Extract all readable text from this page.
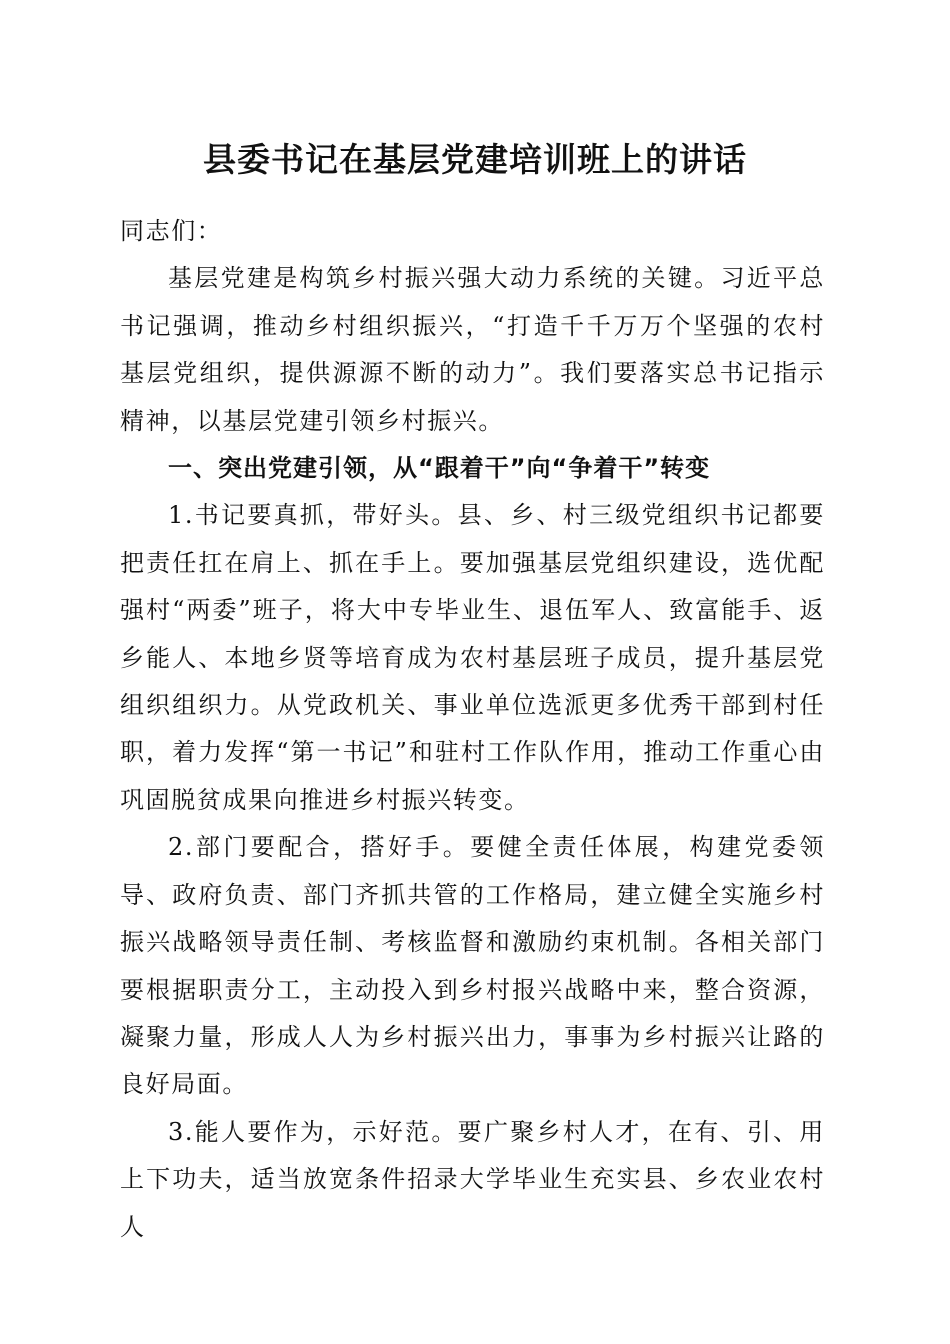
县委书记在基层党建培训班上的讲话

同志们：

基层党建是构筑乡村振兴强大动力系统的关键。习近平总书记强调，推动乡村组织振兴，“打造千千万万个坚强的农村基层党组织，提供源源不断的动力”。我们要落实总书记指示精神，以基层党建引领乡村振兴。

一、突出党建引领，从“跟着干”向“争着干”转变

1.书记要真抓，带好头。县、乡、村三级党组织书记都要把责任扛在肩上、抓在手上。要加强基层党组织建设，选优配强村“两委”班子，将大中专毕业生、退伍军人、致富能手、返乡能人、本地乡贤等培育成为农村基层班子成员，提升基层党组织组织力。从党政机关、事业单位选派更多优秀干部到村任职，着力发挥“第一书记”和驻村工作队作用，推动工作重心由巩固脱贫成果向推进乡村振兴转变。

2.部门要配合，搭好手。要健全责任体展，构建党委领导、政府负责、部门齐抓共管的工作格局，建立健全实施乡村振兴战略领导责任制、考核监督和激励约束机制。各相关部门要根据职责分工，主动投入到乡村报兴战略中来，整合资源，凝聚力量，形成人人为乡村振兴出力，事事为乡村振兴让路的良好局面。

3.能人要作为，示好范。要广聚乡村人才，在有、引、用上下功夫，适当放宽条件招录大学毕业生充实县、乡农业农村人
